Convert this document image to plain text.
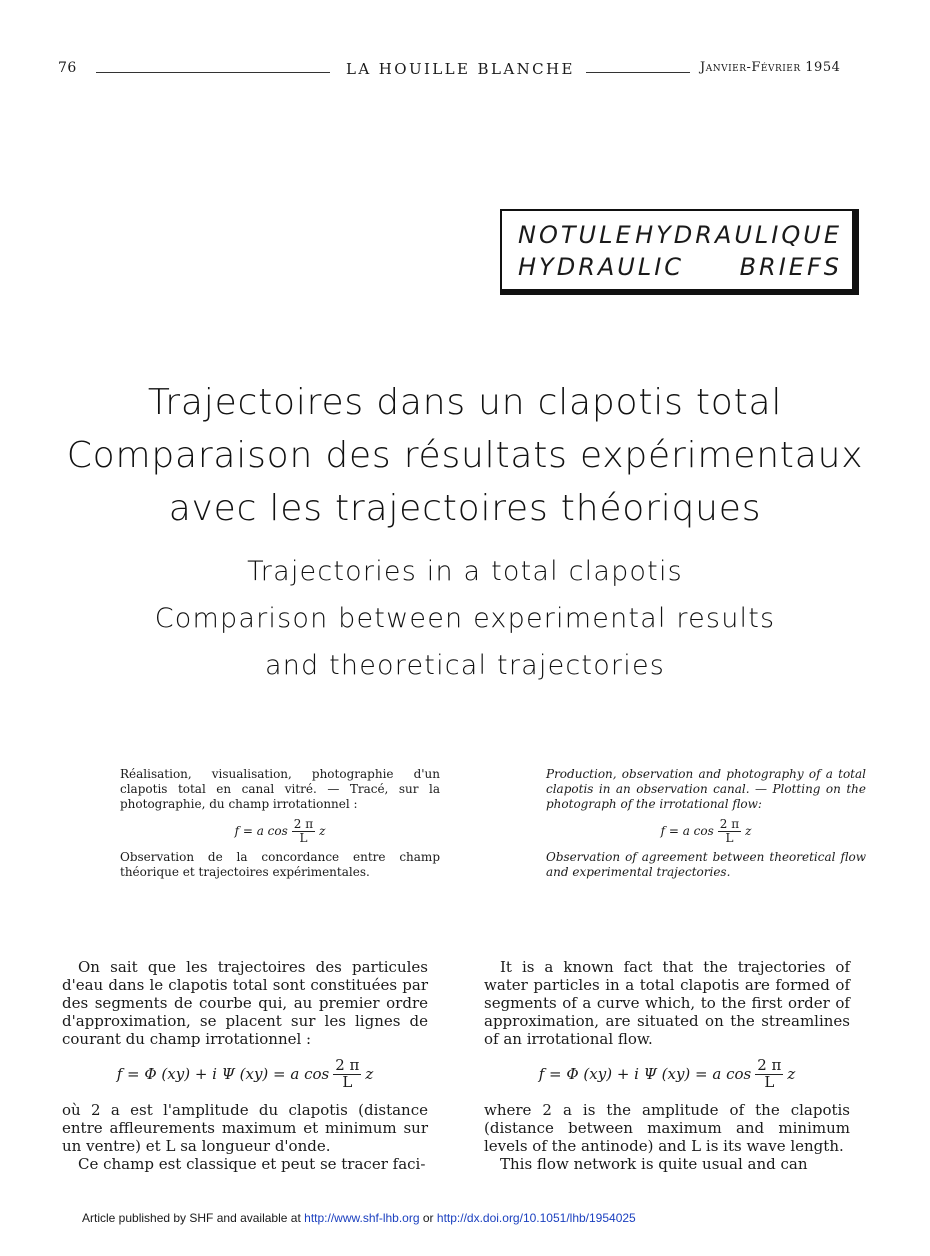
76	LA HOUILLE BLANCHE	Janvier-Février 1954
NOTULE HYDRAULIQUE
HYDRAULIC BRIEFS
Trajectoires dans un clapotis total
Comparaison des résultats expérimentaux
avec les trajectoires théoriques
Trajectories in a total clapotis
Comparison between experimental results
and theoretical trajectories
Réalisation, visualisation, photographie d'un clapotis total en canal vitré. — Tracé, sur la photographie, du champ irrotationnel :
f = a $\cos \frac{2 \pi}{L}$ z
Observation de la concordance entre champ théorique et trajectoires expérimentales.
Production, observation and photography of a total clapotis in an observation canal. — Plotting on the photograph of the irrotational flow:
f = a $\cos \frac{2 \pi}{L}$ z
Observation of agreement between theoretical flow and experimental trajectories.

On sait que les trajectoires des particules d'eau dans le clapotis total sont constituées par des segments de courbe qui, au premier ordre d'approximation, se placent sur les lignes de courant du champ irrotationnel :

f = Φ (xy) + i Ψ (xy) = a $\cos \frac{2 \pi}{L}$ z

où 2 a est l'amplitude du clapotis (distance entre affleurements maximum et minimum sur un ventre) et L sa longueur d'onde.

Ce champ est classique et peut se tracer faci-

It is a known fact that the trajectories of water particles in a total clapotis are formed of segments of a curve which, to the first order of approximation, are situated on the streamlines of an irrotational flow.

f = Φ (xy) + i Ψ (xy) = a $\cos \frac{2 \pi}{L}$ z

where 2 a is the amplitude of the clapotis (distance between maximum and minimum levels of the antinode) and L is its wave length.

This flow network is quite usual and can

Article published by SHF and available at http://www.shf-lhb.org or http://dx.doi.org/10.1051/lhb/1954025
